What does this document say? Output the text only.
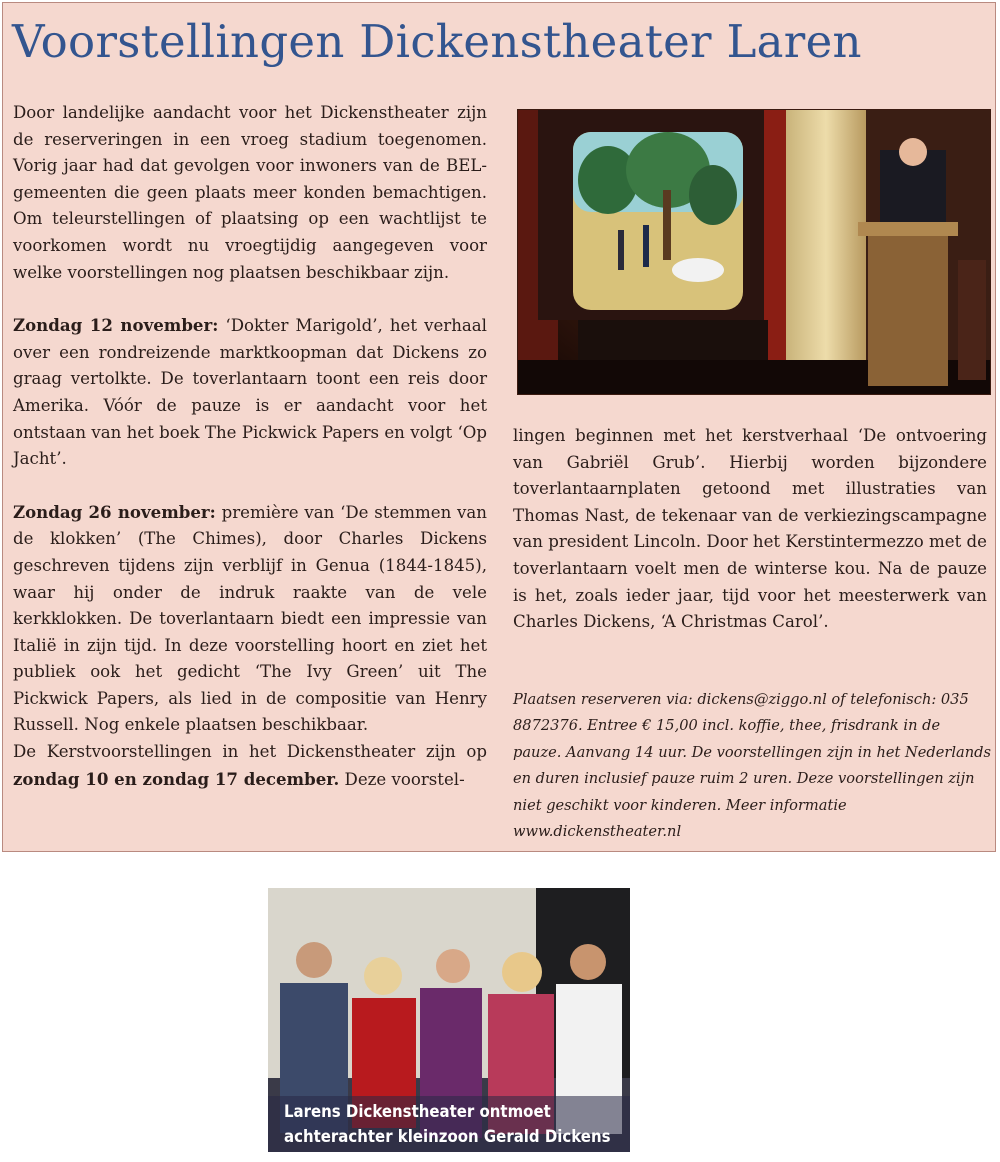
Voorstellingen Dickenstheater Laren

Door landelijke aandacht voor het Dickenstheater zijn de reserveringen in een vroeg stadium toegenomen. Vorig jaar had dat gevolgen voor inwoners van de BEL-gemeenten die geen plaats meer konden bemachtigen. Om teleurstellingen of plaatsing op een wachtlijst te voorkomen wordt nu vroegtijdig aangegeven voor welke voorstellingen nog plaatsen beschikbaar zijn.

Zondag 12 november: ‘Dokter Marigold’, het verhaal over een rondreizende marktkoopman dat Dickens zo graag vertolkte. De toverlantaarn toont een reis door Amerika. Vóór de pauze is er aandacht voor het ontstaan van het boek The Pickwick Papers en volgt ‘Op Jacht’.

Zondag 26 november: première van ‘De stemmen van de klokken’ (The Chimes), door Charles Dickens geschreven tijdens zijn verblijf in Genua (1844-1845), waar hij onder de indruk raakte van de vele kerkklokken. De toverlantaarn biedt een impressie van Italië in zijn tijd. In deze voorstelling hoort en ziet het publiek ook het gedicht ‘The Ivy Green’ uit The Pickwick Papers, als lied in de compositie van Henry Russell. Nog enkele plaatsen beschikbaar.

De Kerstvoorstellingen in het Dickenstheater zijn op zondag 10 en zondag 17 december. Deze voorstel-

lingen beginnen met het kerstverhaal ‘De ontvoering van Gabriël Grub’. Hierbij worden bijzondere toverlantaarnplaten getoond met illustraties van Thomas Nast, de tekenaar van de verkiezingscampagne van president Lincoln. Door het Kerstintermezzo met de toverlantaarn voelt men de winterse kou. Na de pauze is het, zoals ieder jaar, tijd voor het meesterwerk van Charles Dickens, ‘A Christmas Carol’.

Plaatsen reserveren via: dickens@ziggo.nl of telefonisch: 035 8872376. Entree € 15,00 incl. koffie, thee, frisdrank in de pauze. Aanvang 14 uur. De voorstellingen zijn in het Nederlands en duren inclusief pauze ruim 2 uren. Deze voorstellingen zijn niet geschikt voor kinderen. Meer informatie www.dickenstheater.nl

Larens Dickenstheater ontmoet
achterachter kleinzoon Gerald Dickens
